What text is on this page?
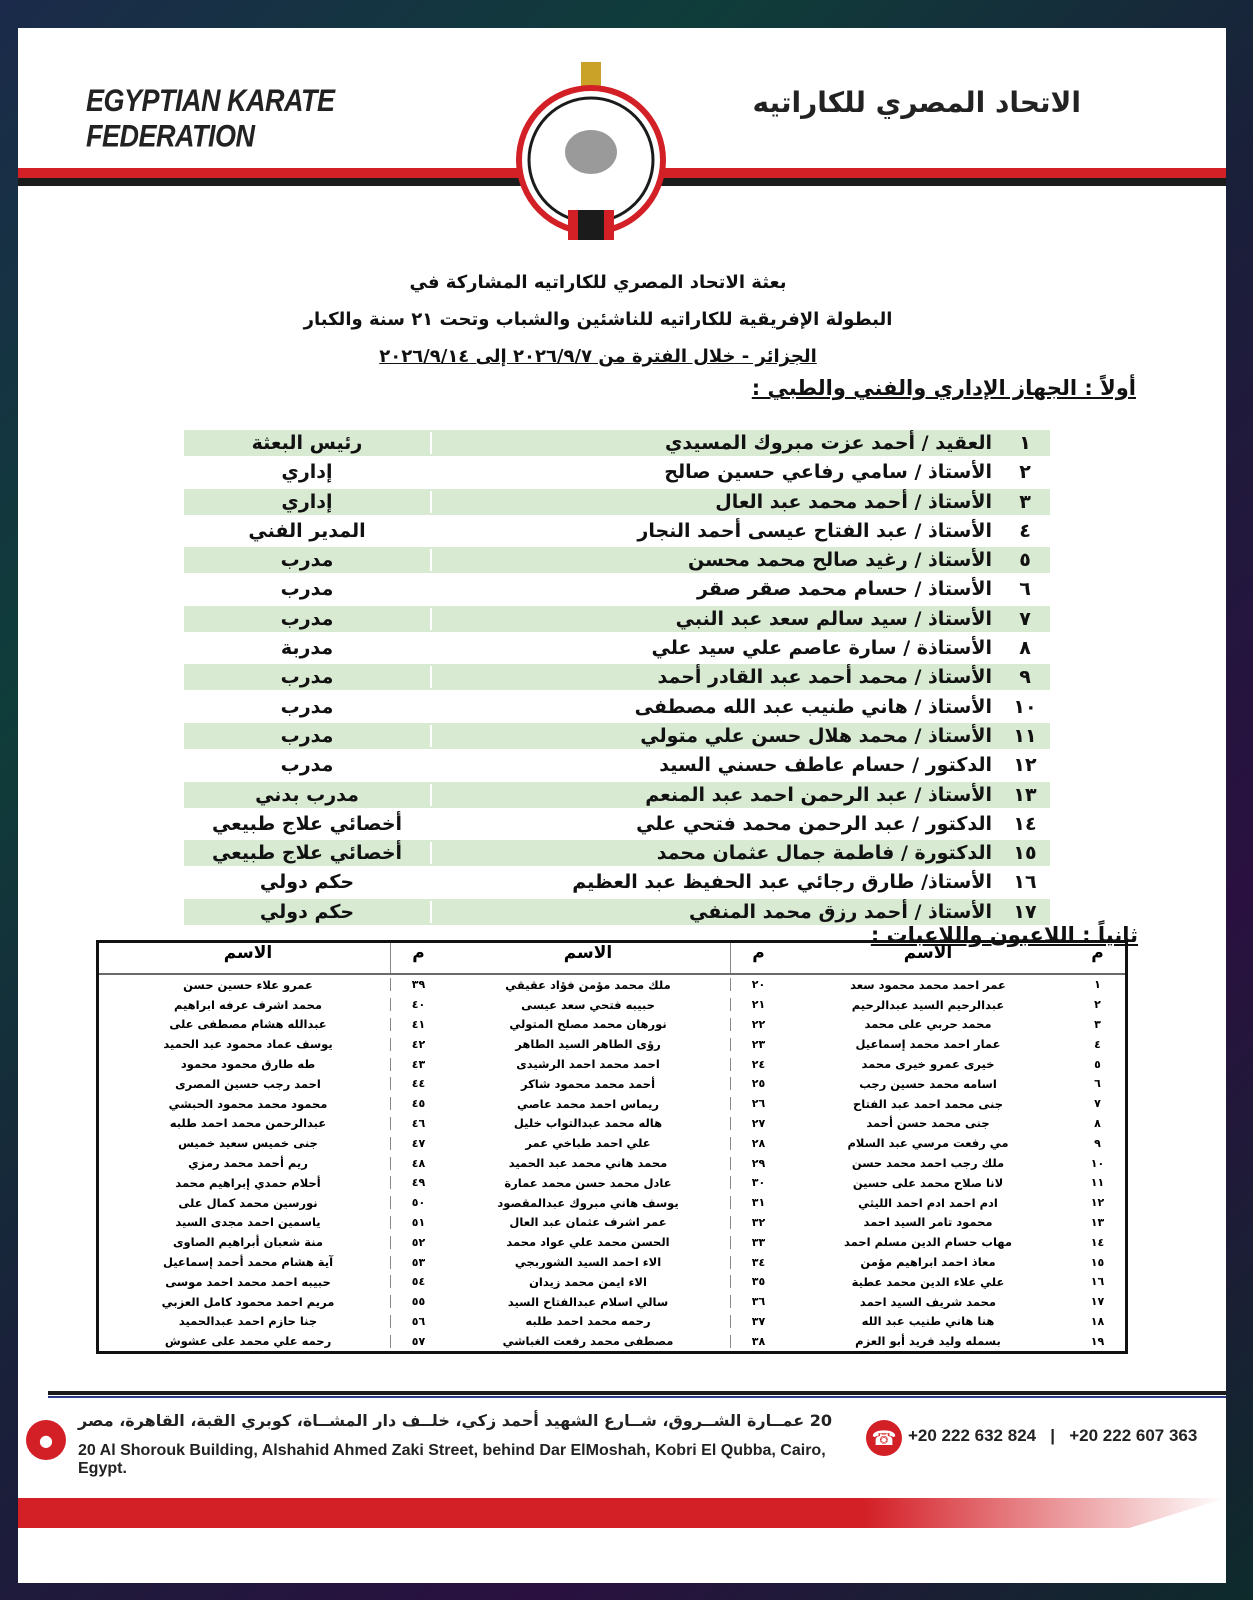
EGYPTIAN KARATE FEDERATION
الاتحاد المصري للكاراتيه
بعثة الاتحاد المصري للكاراتيه المشاركة في
البطولة الإفريقية للكاراتيه للناشئين والشباب وتحت ٢١ سنة والكبار
الجزائر - خلال الفترة من ٢٠٢٦/٩/٧ إلى ٢٠٢٦/٩/١٤
أولاً : الجهاز الإداري والفني والطبي :
١
العقيد / أحمد عزت مبروك المسيدي
رئيس البعثة
٢
الأستاذ / سامي رفاعي حسين صالح
إداري
٣
الأستاذ / أحمد محمد عبد العال
إداري
٤
الأستاذ / عبد الفتاح عيسى أحمد النجار
المدير الفني
٥
الأستاذ / رغيد صالح محمد محسن
مدرب
٦
الأستاذ / حسام محمد صقر صقر
مدرب
٧
الأستاذ / سيد سالم سعد عبد النبي
مدرب
٨
الأستاذة / سارة عاصم علي سيد علي
مدربة
٩
الأستاذ / محمد أحمد عبد القادر أحمد
مدرب
١٠
الأستاذ / هاني طنيب عبد الله مصطفى
مدرب
١١
الأستاذ / محمد هلال حسن علي متولي
مدرب
١٢
الدكتور / حسام عاطف حسني السيد
مدرب
١٣
الأستاذ / عبد الرحمن احمد عبد المنعم
مدرب بدني
١٤
الدكتور / عبد الرحمن محمد فتحي علي
أخصائي علاج طبيعي
١٥
الدكتورة / فاطمة جمال عثمان محمد
أخصائي علاج طبيعي
١٦
الأستاذ/ طارق رجائي عبد الحفيظ عبد العظيم
حكم دولي
١٧
الأستاذ / أحمد رزق محمد المنفي
حكم دولي
ثانياً : اللاعبون واللاعبات :
م
الاسم
م
الاسم
م
الاسم
١
عمر احمد محمد محمود سعد
٢٠
ملك محمد مؤمن فؤاد عقيقي
٣٩
عمرو علاء حسين حسن
٢
عبدالرحيم السيد عبدالرحيم
٢١
حبيبه فتحي سعد عيسى
٤٠
محمد اشرف عرفه ابراهيم
٣
محمد حربي على محمد
٢٢
نورهان محمد مصلح المتولي
٤١
عبدالله هشام مصطفى على
٤
عمار احمد محمد إسماعيل
٢٣
رؤى الطاهر السيد الطاهر
٤٢
يوسف عماد محمود عبد الحميد
٥
خيرى عمرو خيرى محمد
٢٤
احمد محمد احمد الرشيدى
٤٣
طه طارق محمود محمود
٦
اسامه محمد حسين رجب
٢٥
أحمد محمد محمود شاكر
٤٤
احمد رجب حسين المصرى
٧
جنى محمد احمد عبد الفتاح
٢٦
ريماس احمد محمد عاصي
٤٥
محمود محمد محمود الحبشي
٨
جنى محمد حسن أحمد
٢٧
هاله محمد عبدالتواب خليل
٤٦
عبدالرحمن محمد احمد طلبه
٩
مي رفعت مرسي عبد السلام
٢٨
علي احمد طباخي عمر
٤٧
جنى خميس سعيد خميس
١٠
ملك رجب احمد محمد حسن
٢٩
محمد هاني محمد عبد الحميد
٤٨
ريم أحمد محمد رمزي
١١
لانا صلاح محمد على حسين
٣٠
عادل محمد حسن محمد عمارة
٤٩
أحلام حمدي إبراهيم محمد
١٢
ادم احمد ادم احمد الليثي
٣١
يوسف هاني مبروك عبدالمقصود
٥٠
نورسين محمد كمال على
١٣
محمود تامر السيد احمد
٣٢
عمر اشرف عثمان عبد العال
٥١
ياسمين احمد مجدى السيد
١٤
مهاب حسام الدين مسلم احمد
٣٣
الحسن محمد علي عواد محمد
٥٢
منة شعبان أبراهيم الصاوى
١٥
معاذ احمد ابراهيم مؤمن
٣٤
الاء احمد السيد الشوربجي
٥٣
آية هشام محمد أحمد إسماعيل
١٦
علي علاء الدين محمد عطية
٣٥
الاء ايمن محمد زيدان
٥٤
حبيبه احمد محمد احمد موسى
١٧
محمد شريف السيد احمد
٣٦
سالي اسلام عبدالفتاح السيد
٥٥
مريم احمد محمود كامل العزبي
١٨
هنا هاني طنيب عبد الله
٣٧
رحمه محمد احمد طلبه
٥٦
جنا حازم احمد عبدالحميد
١٩
بسمله وليد فريد أبو العزم
٣٨
مصطفى محمد رفعت الغباشي
٥٧
رحمه علي محمد على عشوش
●
20 عمــارة الشــروق، شــارع الشهيد أحمد زكي، خلــف دار المشــاة، كوبري القبة، القاهرة، مصر
20 Al Shorouk Building, Alshahid Ahmed Zaki Street, behind Dar ElMoshah, Kobri El Qubba, Cairo, Egypt.
☎ +20 222 632 824 | +20 222 607 363
